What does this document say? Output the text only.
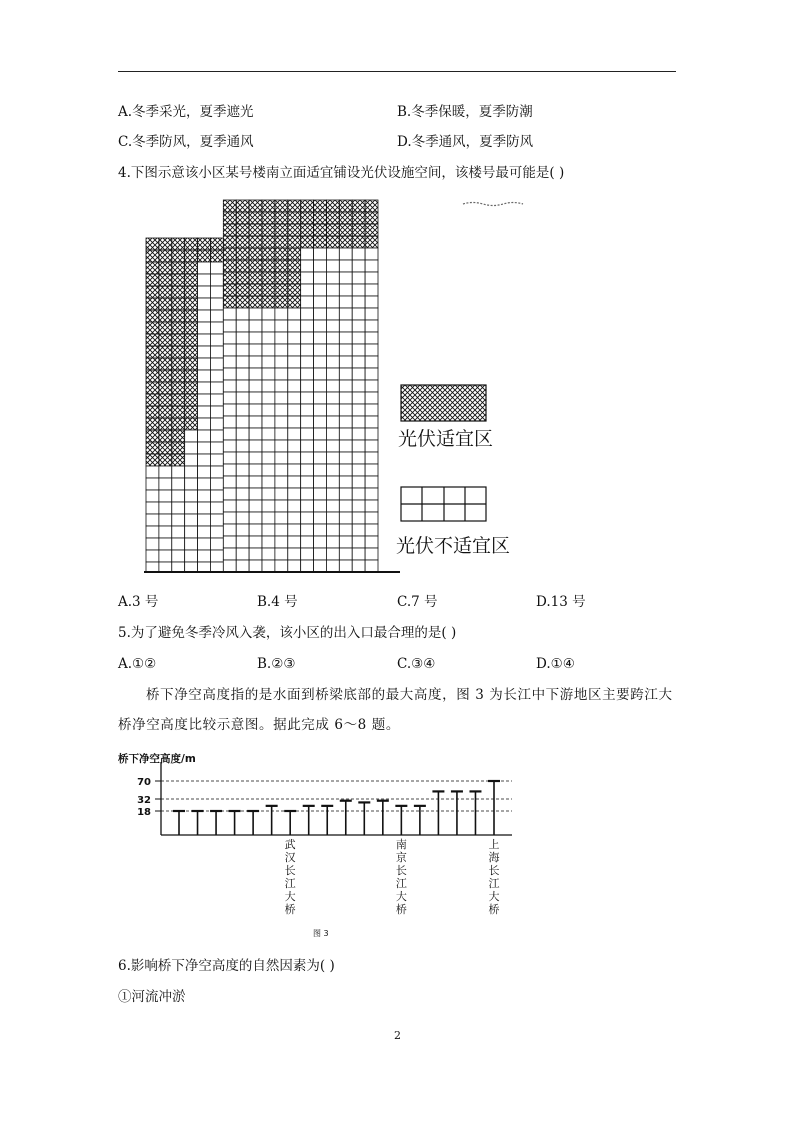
A.冬季采光，夏季遮光	B.冬季保暖，夏季防潮
C.冬季防风，夏季通风	D.冬季通风，夏季防风
4.下图示意该小区某号楼南立面适宜铺设光伏设施空间，该楼号最可能是( )
光伏适宜区
光伏不适宜区
A.3 号	B.4 号	C.7 号	D.13 号
5.为了避免冬季冷风入袭，该小区的出入口最合理的是( )
A.①②	B.②③	C.③④	D.①④
桥下净空高度指的是水面到桥梁底部的最大高度，图 3 为长江中下游地区主要跨江大
桥净空高度比较示意图。据此完成 6～8 题。
桥下净空高度/m
18
32
70
武
汉
长
江
大
桥
南
京
长
江
大
桥
上
海
长
江
大
桥
图 3
6.影响桥下净空高度的自然因素为( )
①河流冲淤
2
